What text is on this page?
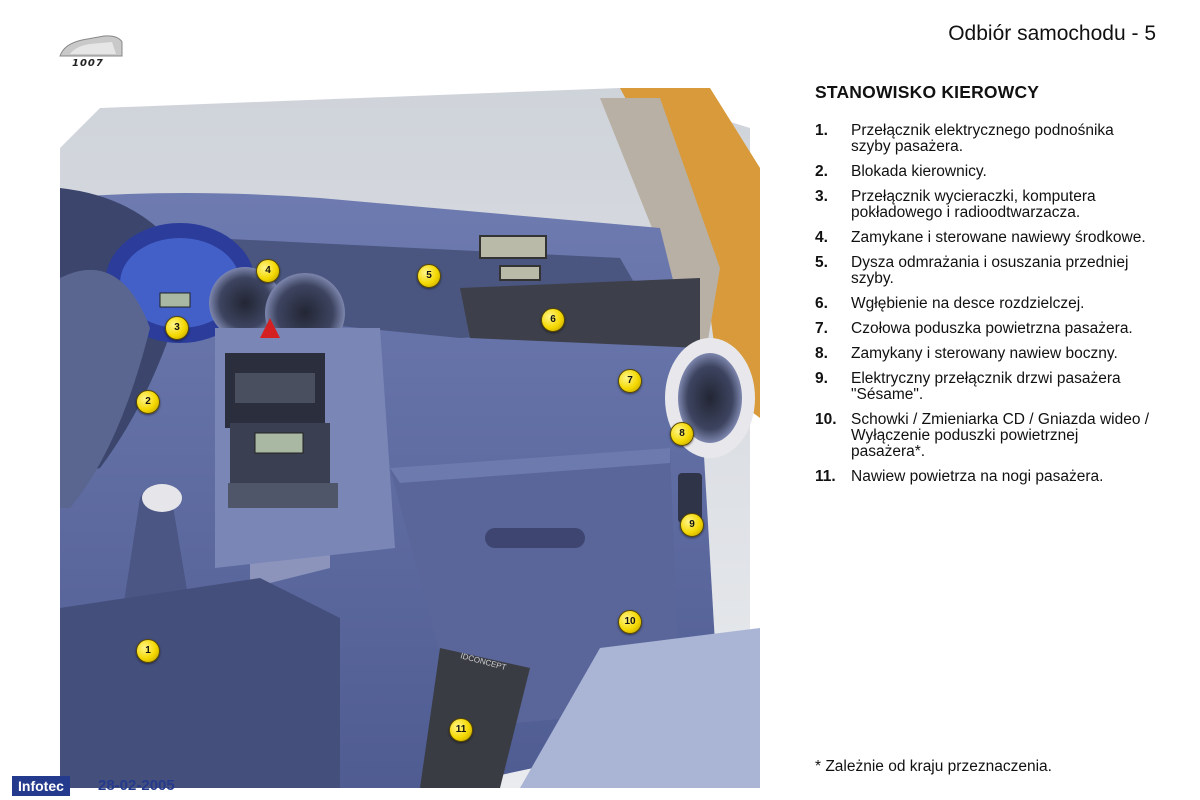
Odbiór samochodu - 5
1007
IDCONCEPT
1
2
3
4	5
6
7
8
9
10
11
STANOWISKO KIEROWCY
1.	Przełącznik elektrycznego podnośnika szyby pasażera.
2.	Blokada kierownicy.
3.	Przełącznik wycieraczki, komputera pokładowego i radioodtwarzacza.
4.	Zamykane i sterowane nawiewy środkowe.
5.	Dysza odmrażania i osuszania przedniej szyby.
6.	Wgłębienie na desce rozdzielczej.
7.	Czołowa poduszka powietrzna pasażera.
8.	Zamykany i sterowany nawiew boczny.
9.	Elektryczny przełącznik drzwi pasażera "Sésame".
10. Schowki / Zmieniarka CD / Gniazda wideo / Wyłączenie poduszki powietrznej pasażera*.
11. Nawiew powietrza na nogi pasażera.
* Zależnie od kraju przeznaczenia.
Infotec	28-02-2005
